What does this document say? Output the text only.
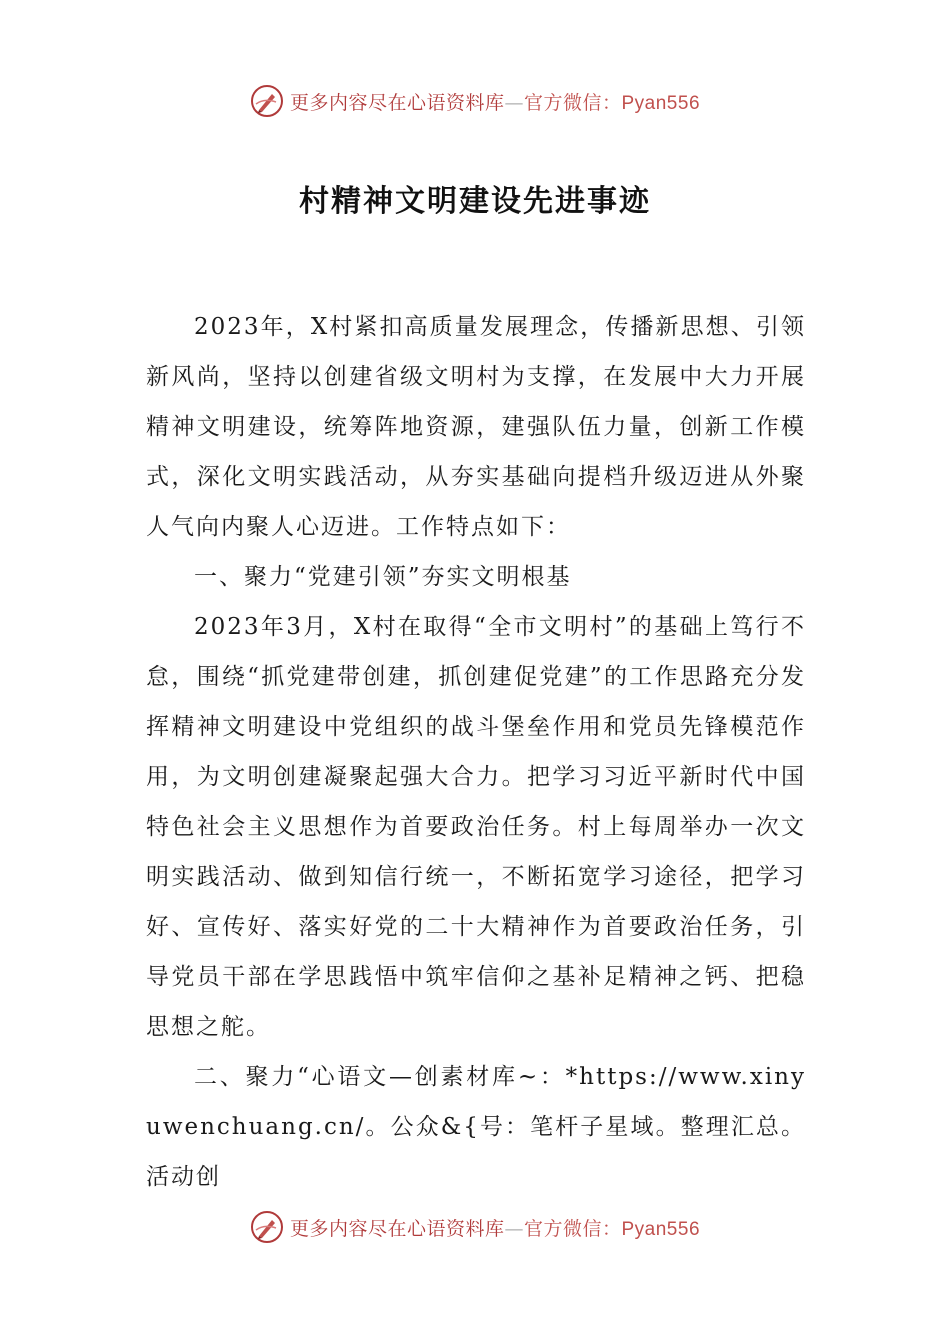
更多内容尽在心语资料库—官方微信：Pyan556
村精神文明建设先进事迹

2023年，X村紧扣高质量发展理念，传播新思想、引领新风尚，坚持以创建省级文明村为支撑，在发展中大力开展精神文明建设，统筹阵地资源，建强队伍力量，创新工作模式，深化文明实践活动，从夯实基础向提档升级迈进从外聚人气向内聚人心迈进。工作特点如下：

一、聚力“党建引领”夯实文明根基

2023年3月，X村在取得“全市文明村”的基础上笃行不怠，围绕“抓党建带创建，抓创建促党建”的工作思路充分发挥精神文明建设中党组织的战斗堡垒作用和党员先锋模范作用，为文明创建凝聚起强大合力。把学习习近平新时代中国特色社会主义思想作为首要政治任务。村上每周举办一次文明实践活动、做到知信行统一，不断拓宽学习途径，把学习好、宣传好、落实好党的二十大精神作为首要政治任务，引导党员干部在学思践悟中筑牢信仰之基补足精神之钙、把稳思想之舵。

二、聚力“心语文—创素材库~：*https://www.xinyuwenchuang.cn/。公众&{号：笔杆子星域。整理汇总。活动创

更多内容尽在心语资料库—官方微信：Pyan556
